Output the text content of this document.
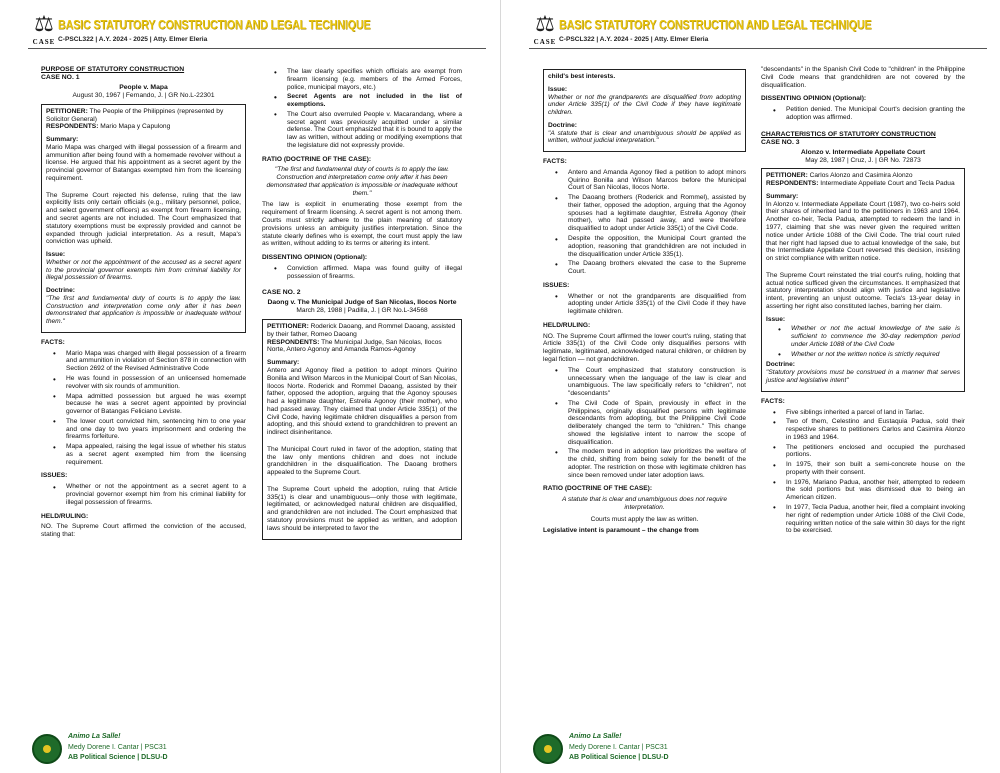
⚖
CASE
BASIC STATUTORY CONSTRUCTION AND LEGAL TECHNIQUE
C-PSCL322 | A.Y. 2024 - 2025 | Atty. Elmer Eleria
PURPOSE OF STATUTORY CONSTRUCTION
CASE NO. 1
People v. Mapa
August 30, 1967 | Fernando, J. | GR No.L-22301

PETITIONER: The People of the Philippines (represented by Solicitor General)
RESPONDENTS: Mario Mapa y Capulong

Summary:

Mario Mapa was charged with illegal possession of a firearm and ammunition after being found with a homemade revolver without a license. He argued that his appointment as a secret agent by the provincial governor of Batangas exempted him from the licensing requirement.

The Supreme Court rejected his defense, ruling that the law explicitly lists only certain officials (e.g., military personnel, police, and select government officers) as exempt from firearm licensing, and secret agents are not included. The Court emphasized that statutory exemptions must be expressly provided and cannot be expanded through judicial interpretation. As a result, Mapa's conviction was upheld.

Issue:

Whether or not the appointment of the accused as a secret agent to the provincial governor exempts him from criminal liability for illegal possession of firearms.

Doctrine:

"The first and fundamental duty of courts is to apply the law. Construction and interpretation come only after it has been demonstrated that application is impossible or inadequate without them."

FACTS:
• Mario Mapa was charged with illegal possession of a firearm and ammunition in violation of Section 878 in connection with Section 2692 of the Revised Administrative Code
• He was found in possession of an unlicensed homemade revolver with six rounds of ammunition.
• Mapa admitted possession but argued he was exempt because he was a secret agent appointed by provincial governor of Batangas Feliciano Leviste.
• The lower court convicted him, sentencing him to one year and one day to two years imprisonment and ordering the firearms forfeiture.
• Mapa appealed, raising the legal issue of whether his status as a secret agent exempted him from the licensing requirement.
ISSUES:
• Whether or not the appointment as a secret agent to a provincial governor exempt him from his criminal liability for illegal possession of firearms.
HELD/RULING:

NO. The Supreme Court affirmed the conviction of the accused, stating that:

• The law clearly specifies which officials are exempt from firearm licensing (e.g. members of the Armed Forces, police, municipal mayors, etc.)
• Secret Agents are not included in the list of exemptions.
• The Court also overruled People v. Macarandang, where a secret agent was previously acquitted under a similar defense. The Court emphasized that it is bound to apply the law as written, without adding or modifying exemptions that the legislature did not expressly provide.
RATIO (DOCTRINE OF THE CASE):

"The first and fundamental duty of courts is to apply the law. Construction and interpretation come only after it has been demonstrated that application is impossible or inadequate without them."

The law is explicit in enumerating those exempt from the requirement of firearm licensing. A secret agent is not among them. Courts must strictly adhere to the plain meaning of statutory provisions unless an ambiguity justifies interpretation. Since the statute clearly defines who is exempt, the court must apply the law as written, without adding to its terms or altering its intent.

DISSENTING OPINION (Optional):
• Conviction affirmed. Mapa was found guilty of illegal possession of firearms.
CASE NO. 2
Daong v. The Municipal Judge of San Nicolas, Ilocos Norte
March 28, 1988 | Padilla, J. | GR No.L-34568

PETITIONER: Roderick Daoang, and Rommel Daoang, assisted by their father, Romeo Daoang
RESPONDENTS: The Municipal Judge, San Nicolas, Ilocos Norte, Antero Agonoy and Amanda Ramos-Agonoy

Summary:

Antero and Agonoy filed a petition to adopt minors Quirino Bonilla and Wilson Marcos in the Municipal Court of San Nicolas, Ilocos Norte. Roderick and Rommel Daoang, assisted by their father, opposed the adoption, arguing that the Agonoy spouses had a legitimate daughter, Estrella Agonoy (their mother), who had passed away. They claimed that under Article 335(1) of the Civil Code, having legitimate children disqualifies a person from adopting, and this should extend to grandchildren to prevent an indirect disinheritance.

The Municipal Court ruled in favor of the adoption, stating that the law only mentions children and does not include grandchildren in the disqualification. The Daoang brothers appealed to the Supreme Court.

The Supreme Court upheld the adoption, ruling that Article 335(1) is clear and unambiguous—only those with legitimate, legitimated, or acknowledged natural children are disqualified, and grandchildren are not included. The Court emphasized that statutory provisions must be applied as written, and adoption laws should be interpreted to favor the

Animo La Salle!
Medy Dorene I. Cantar | PSC31
AB Political Science | DLSU-D
⚖
CASE
BASIC STATUTORY CONSTRUCTION AND LEGAL TECHNIQUE
C-PSCL322 | A.Y. 2024 - 2025 | Atty. Elmer Eleria

child's best interests.

Issue:

Whether or not the grandparents are disqualified from adopting under Article 335(1) of the Civil Code if they have legitimate children.

Doctrine:

"A statute that is clear and unambiguous should be applied as written, without judicial interpretation."

FACTS:
• Antero and Amanda Agonoy filed a petition to adopt minors Quirino Bonilla and Wilson Marcos before the Municipal Court of San Nicolas, Ilocos Norte.
• The Daoang brothers (Roderick and Rommel), assisted by their father, opposed the adoption, arguing that the Agonoy spouses had a legitimate daughter, Estrella Agonoy (their mother), who had passed away, and were therefore disqualified to adopt under Article 335(1) of the Civil Code.
• Despite the opposition, the Municipal Court granted the adoption, reasoning that grandchildren are not included in the disqualification under Article 335(1).
• The Daoang brothers elevated the case to the Supreme Court.
ISSUES:
• Whether or not the grandparents are disqualified from adopting under Article 335(1) of the Civil Code if they have legitimate children.
HELD/RULING:

NO. The Supreme Court affirmed the lower court's ruling, stating that Article 335(1) of the Civil Code only disqualifies persons with legitimate, legitimated, acknowledged natural children, or children by legal fiction — not grandchildren.

• The Court emphasized that statutory construction is unnecessary when the language of the law is clear and unambiguous. The law specifically refers to "children", not "descendants"
• The Civil Code of Spain, previously in effect in the Philippines, originally disqualified persons with legitimate descendants from adopting, but the Philippine Civil Code deliberately changed the term to "children." This change showed the legislative intent to narrow the scope of disqualification.
• The modern trend in adoption law prioritizes the welfare of the child, shifting from being solely for the benefit of the adopter. The restriction on those with legitimate children has since been removed under later adoption laws.
RATIO (DOCTRINE OF THE CASE):

A statute that is clear and unambiguous does not require interpretation.

Courts must apply the law as written.

Legislative intent is paramount – the change from

"descendants" in the Spanish Civil Code to "children" in the Philippine Civil Code means that grandchildren are not covered by the disqualification.

DISSENTING OPINION (Optional):
• Petition denied. The Municipal Court's decision granting the adoption was affirmed.
CHARACTERISTICS OF STATUTORY CONSTRUCTION
CASE NO. 3
Alonzo v. Intermediate Appellate Court
May 28, 1987 | Cruz, J. | GR No. 72873

PETITIONER: Carlos Alonzo and Casimira Alonzo
RESPONDENTS: Intermediate Appellate Court and Tecla Padua

Summary:

In Alonzo v. Intermediate Appellate Court (1987), two co-heirs sold their shares of inherited land to the petitioners in 1963 and 1964. Another co-heir, Tecla Padua, attempted to redeem the land in 1977, claiming that she was never given the required written notice under Article 1088 of the Civil Code. The trial court ruled that her right had lapsed due to actual knowledge of the sale, but the Intermediate Appellate Court reversed this decision, insisting on strict compliance with written notice.

The Supreme Court reinstated the trial court's ruling, holding that actual notice sufficed given the circumstances. It emphasized that statutory interpretation should align with justice and legislative intent, preventing an unjust outcome. Tecla's 13-year delay in asserting her right also constituted laches, barring her claim.

Issue:
• Whether or not the actual knowledge of the sale is sufficient to commence the 30-day redemption period under Article 1088 of the Civil Code
• Whether or not the written notice is strictly required
Doctrine:

"Statutory provisions must be construed in a manner that serves justice and legislative intent"

FACTS:
• Five siblings inherited a parcel of land in Tarlac.
• Two of them, Celestino and Eustaquia Padua, sold their respective shares to petitioners Carlos and Casimira Alonzo in 1963 and 1964.
• The petitioners enclosed and occupied the purchased portions.
• In 1975, their son built a semi-concrete house on the property with their consent.
• In 1976, Mariano Padua, another heir, attempted to redeem the sold portions but was dismissed due to being an American citizen.
• In 1977, Tecla Padua, another heir, filed a complaint invoking her right of redemption under Article 1088 of the Civil Code, requiring written notice of the sale within 30 days for the right to be exercised.
Animo La Salle!
Medy Dorene I. Cantar | PSC31
AB Political Science | DLSU-D
